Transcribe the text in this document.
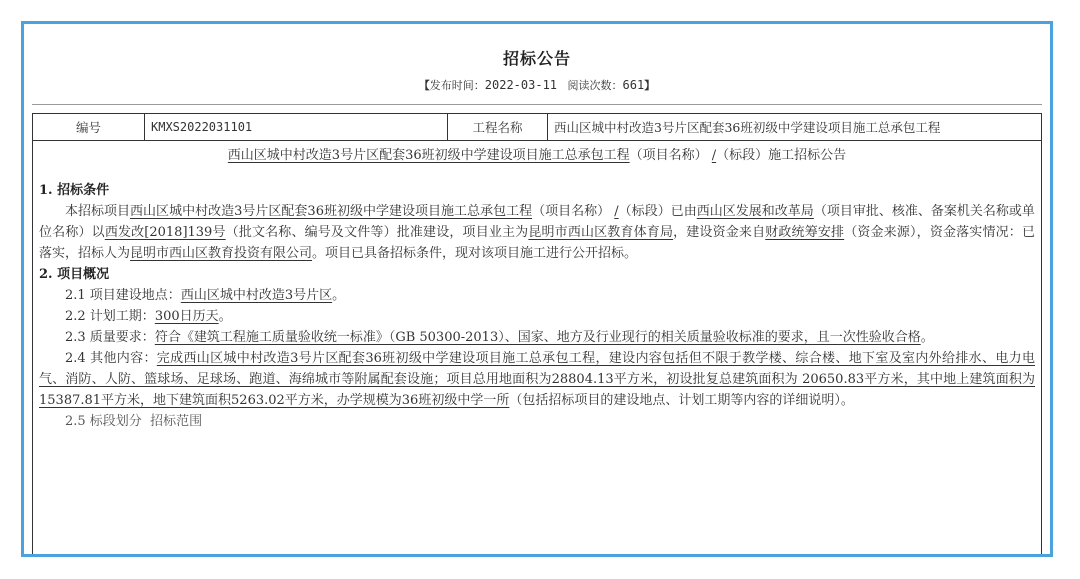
招标公告
【发布时间：2022-03-11 阅读次数：661】
编号	KMXS2022031101	工程名称	西山区城中村改造3号片区配套36班初级中学建设项目施工总承包工程
西山区城中村改造3号片区配套36班初级中学建设项目施工总承包工程（项目名称） /（标段）施工招标公告
1. 招标条件
本招标项目西山区城中村改造3号片区配套36班初级中学建设项目施工总承包工程（项目名称） /（标段）已由西山区发展和改革局（项目审批、核准、备案机关名称或单位名称）以西发改[2018]139号（批文名称、编号及文件等）批准建设，项目业主为昆明市西山区教育体育局，建设资金来自财政统筹安排（资金来源），资金落实情况：已落实，招标人为昆明市西山区教育投资有限公司。项目已具备招标条件，现对该项目施工进行公开招标。
2. 项目概况
2.1 项目建设地点：西山区城中村改造3号片区。
2.2 计划工期：300日历天。
2.3 质量要求：符合《建筑工程施工质量验收统一标准》（GB 50300-2013）、国家、地方及行业现行的相关质量验收标准的要求，且一次性验收合格。
2.4 其他内容：完成西山区城中村改造3号片区配套36班初级中学建设项目施工总承包工程，建设内容包括但不限于教学楼、综合楼、地下室及室内外给排水、电力电气、消防、人防、篮球场、足球场、跑道、海绵城市等附属配套设施；项目总用地面积为28804.13平方米，初设批复总建筑面积为 20650.83平方米，其中地上建筑面积为15387.81平方米，地下建筑面积5263.02平方米，办学规模为36班初级中学一所（包括招标项目的建设地点、计划工期等内容的详细说明）。
2.5 标段划分 招标范围
